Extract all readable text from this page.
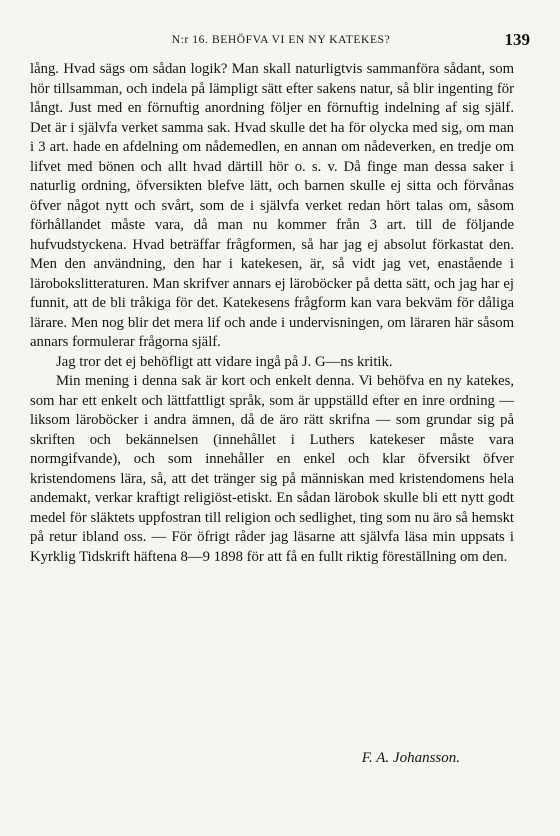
N:r 16. BEHÖFVA VI EN NY KATEKES?	139

lång. Hvad sägs om sådan logik? Man skall naturligtvis sammanföra sådant, som hör tillsamman, och indela på lämpligt sätt efter sakens natur, så blir ingenting för långt. Just med en förnuftig anordning följer en förnuftig indelning af sig själf. Det är i självfa verket samma sak. Hvad skulle det ha för olycka med sig, om man i 3 art. hade en afdelning om nådemedlen, en annan om nådeverken, en tredje om lifvet med bönen och allt hvad därtill hör o. s. v. Då finge man dessa saker i naturlig ordning, öfversikten blefve lätt, och barnen skulle ej sitta och förvånas öfver något nytt och svårt, som de i självfa verket redan hört talas om, såsom förhållandet måste vara, då man nu kommer från 3 art. till de följande hufvudstyckena. Hvad beträffar frågformen, så har jag ej absolut förkastat den. Men den användning, den har i katekesen, är, så vidt jag vet, enastående i lärobokslitteraturen. Man skrifver annars ej läroböcker på detta sätt, och jag har ej funnit, att de bli tråkiga för det. Katekesens frågform kan vara bekväm för dåliga lärare. Men nog blir det mera lif och ande i undervisningen, om läraren här såsom annars formulerar frågorna själf.

Jag tror det ej behöfligt att vidare ingå på J. G—ns kritik.

Min mening i denna sak är kort och enkelt denna. Vi behöfva en ny katekes, som har ett enkelt och lättfattligt språk, som är uppställd efter en inre ordning — liksom läroböcker i andra ämnen, då de äro rätt skrifna — som grundar sig på skriften och bekännelsen (innehållet i Luthers katekeser måste vara normgifvande), och som innehåller en enkel och klar öfversikt öfver kristendomens lära, så, att det tränger sig på människan med kristendomens hela andemakt, verkar kraftigt religiöst-etiskt. En sådan lärobok skulle bli ett nytt godt medel för släktets uppfostran till religion och sedlighet, ting som nu äro så hemskt på retur ibland oss. — För öfrigt råder jag läsarne att självfa läsa min uppsats i Kyrklig Tidskrift häftena 8—9 1898 för att få en fullt riktig föreställning om den.

F. A. Johansson.
